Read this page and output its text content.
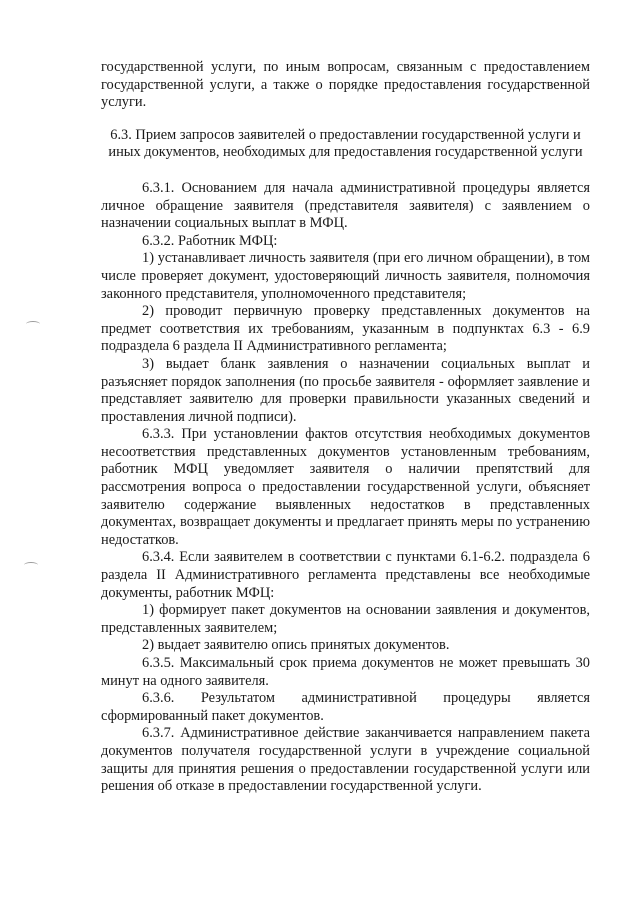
государственной услуги, по иным вопросам, связанным с предоставлением государственной услуги, а также о порядке предоставления государственной услуги.

6.3. Прием запросов заявителей о предоставлении государственной услуги и иных документов, необходимых для предоставления государственной услуги

6.3.1. Основанием для начала административной процедуры является личное обращение заявителя (представителя заявителя) с заявлением о назначении социальных выплат в МФЦ.

6.3.2. Работник МФЦ:

1) устанавливает личность заявителя (при его личном обращении), в том числе проверяет документ, удостоверяющий личность заявителя, полномочия законного представителя, уполномоченного представителя;

2) проводит первичную проверку представленных документов на предмет соответствия их требованиям, указанным в подпунктах 6.3 - 6.9 подраздела 6 раздела II Административного регламента;

3) выдает бланк заявления о назначении социальных выплат и разъясняет порядок заполнения (по просьбе заявителя - оформляет заявление и представляет заявителю для проверки правильности указанных сведений и проставления личной подписи).

6.3.3. При установлении фактов отсутствия необходимых документов несоответствия представленных документов установленным требованиям, работник МФЦ уведомляет заявителя о наличии препятствий для рассмотрения вопроса о предоставлении государственной услуги, объясняет заявителю содержание выявленных недостатков в представленных документах, возвращает документы и предлагает принять меры по устранению недостатков.

6.3.4. Если заявителем в соответствии с пунктами 6.1-6.2. подраздела 6 раздела II Административного регламента представлены все необходимые документы, работник МФЦ:

1) формирует пакет документов на основании заявления и документов, представленных заявителем;

2) выдает заявителю опись принятых документов.

6.3.5. Максимальный срок приема документов не может превышать 30 минут на одного заявителя.

6.3.6. Результатом административной процедуры является сформированный пакет документов.

6.3.7. Административное действие заканчивается направлением пакета документов получателя государственной услуги в учреждение социальной защиты для принятия решения о предоставлении государственной услуги или решения об отказе в предоставлении государственной услуги.
